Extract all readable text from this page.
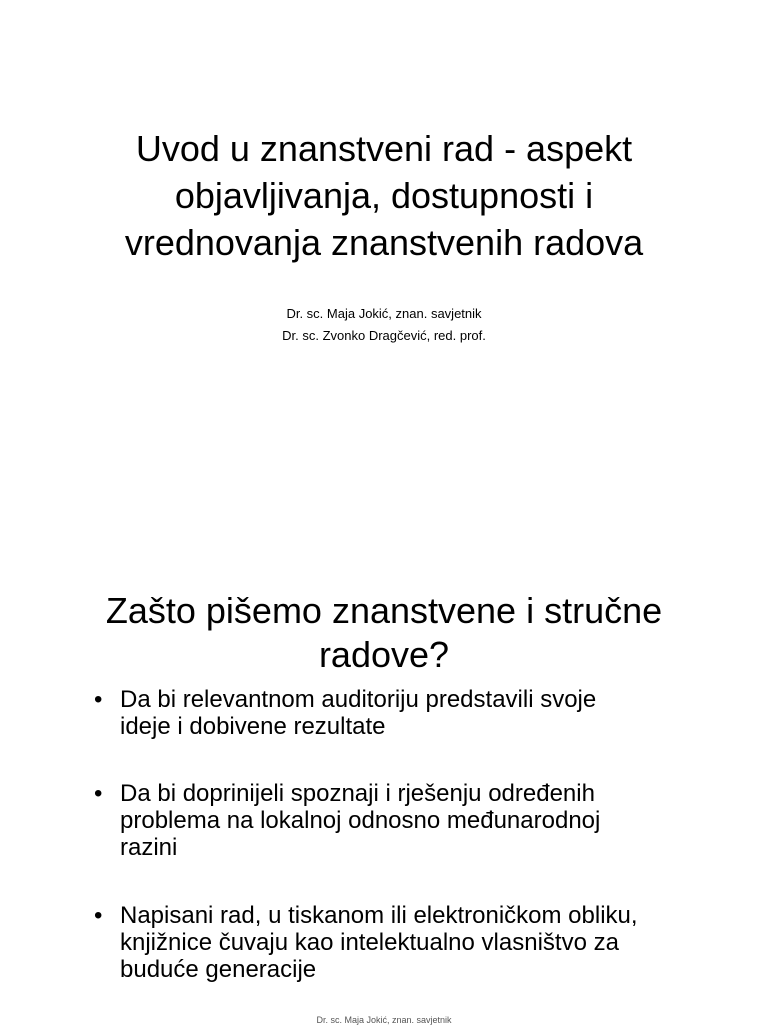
Uvod u znanstveni rad - aspekt
objavljivanja, dostupnosti i
vrednovanja znanstvenih radova
Dr. sc. Maja Jokić, znan. savjetnik
Dr. sc. Zvonko Dragčević, red. prof.
Zašto pišemo znanstvene i stručne
radove?
• Da bi relevantnom auditoriju predstavili svoje
ideje i dobivene rezultate
• Da bi doprinijeli spoznaji i rješenju određenih
problema na lokalnoj odnosno međunarodnoj
razini
• Napisani rad, u tiskanom ili elektroničkom obliku,
knjižnice čuvaju kao intelektualno vlasništvo za
buduće generacije
Dr. sc. Maja Jokić, znan. savjetnik
